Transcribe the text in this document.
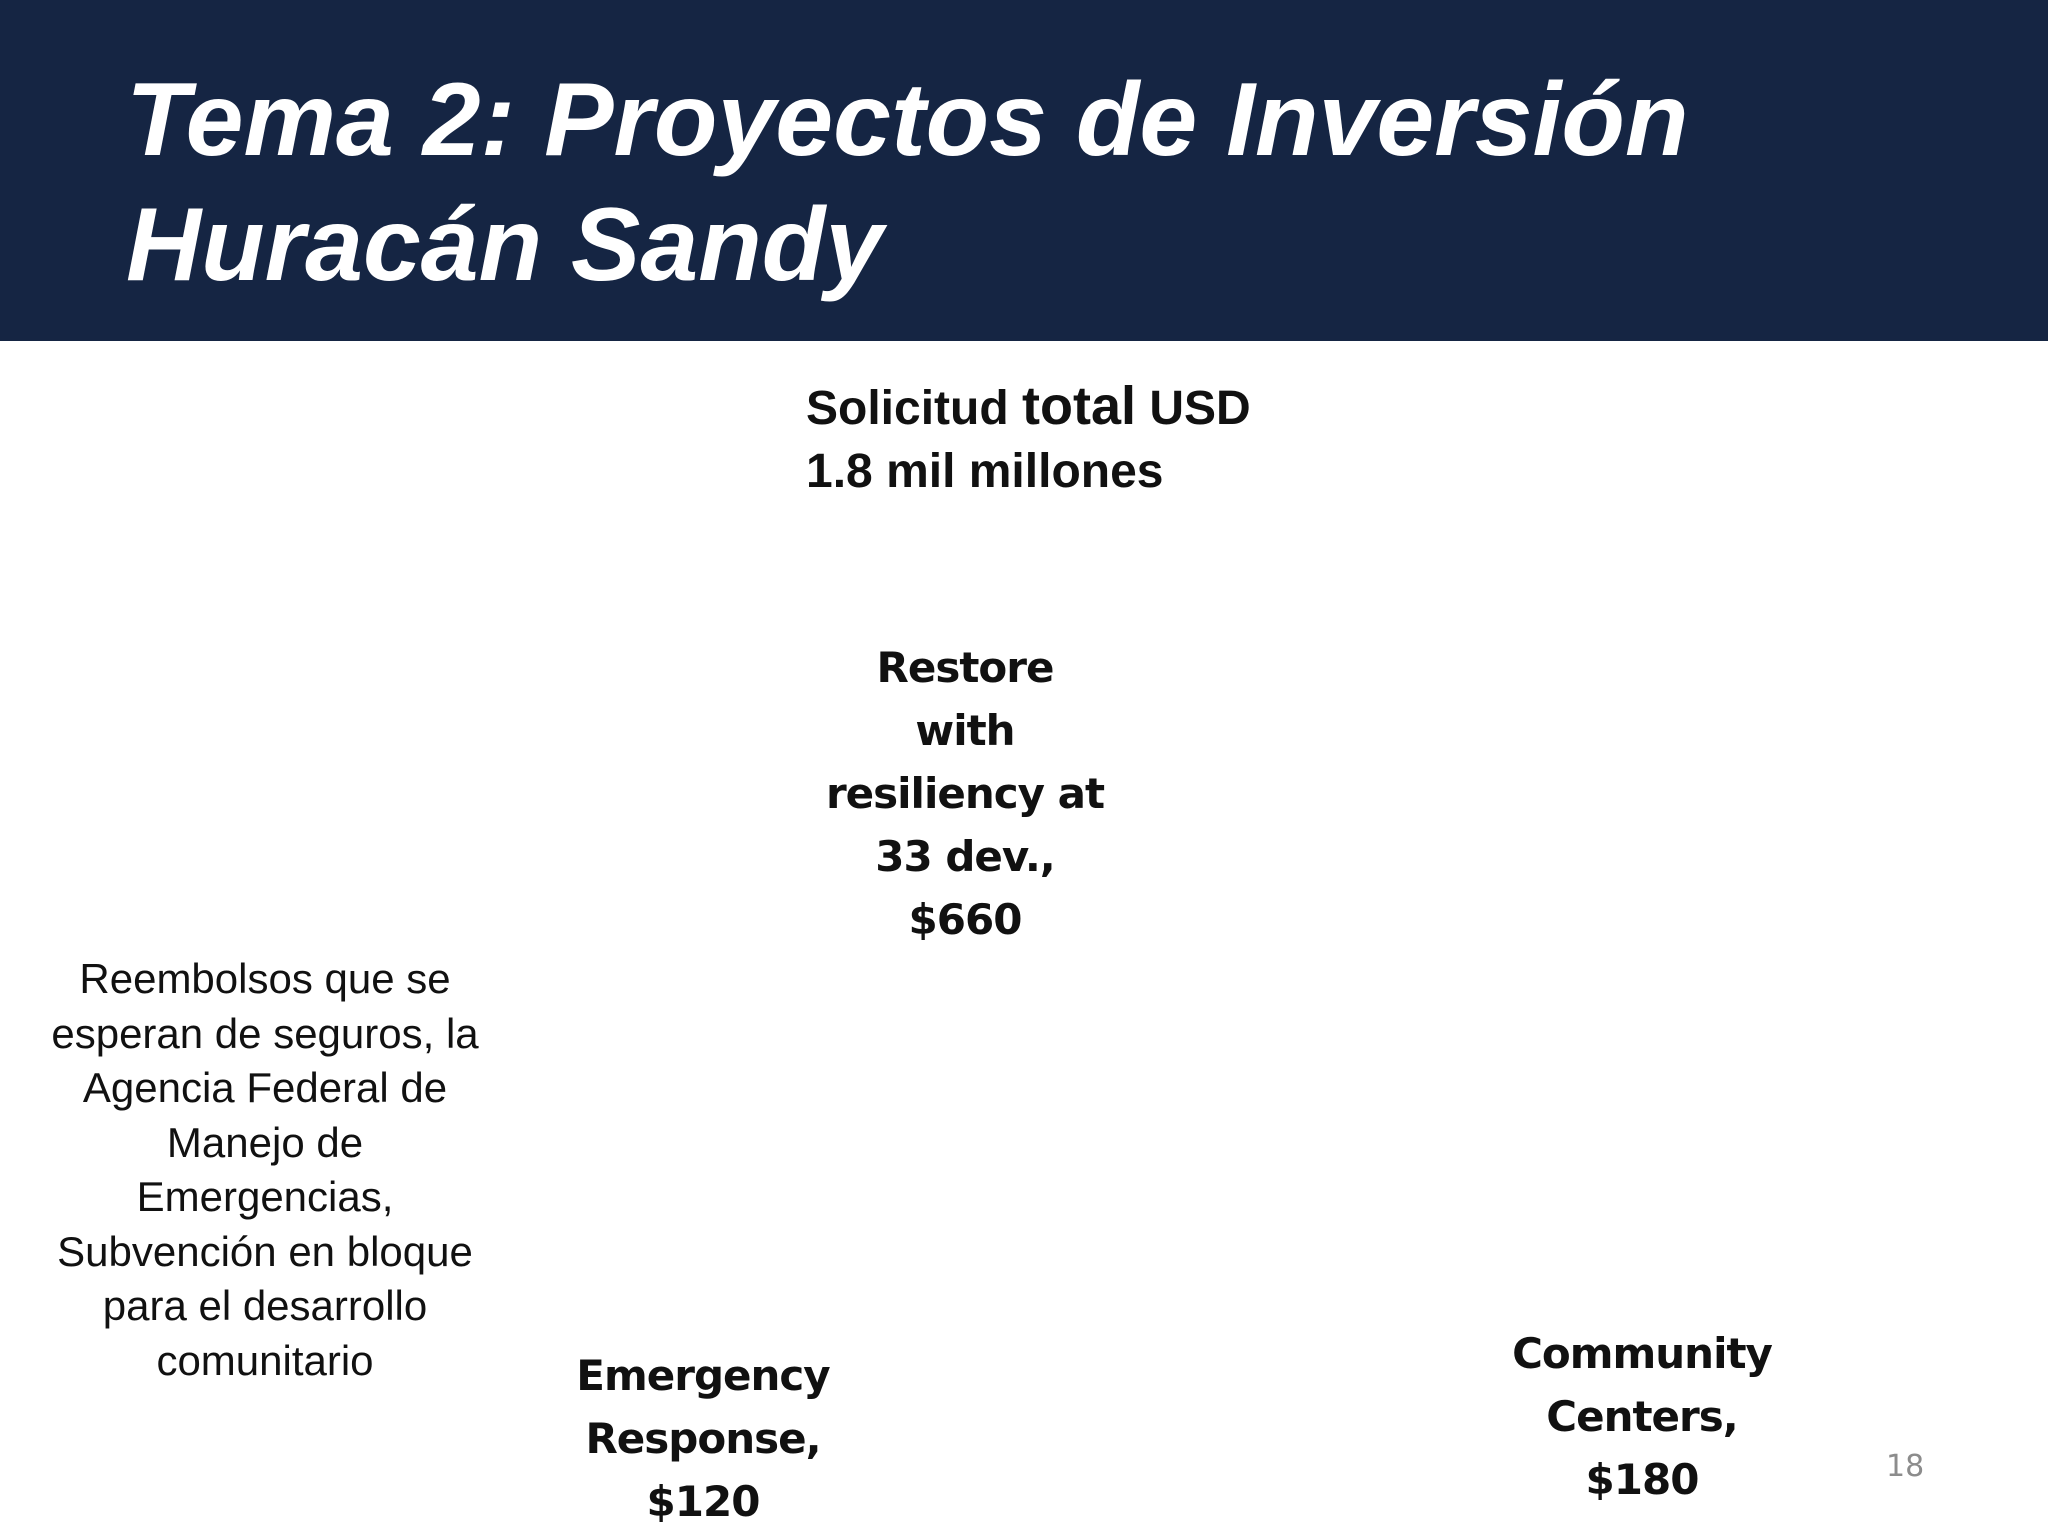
Tema 2: Proyectos de Inversión
Huracán Sandy
Solicitud total USD
1.8 mil millones
Restore
with
resiliency at
33 dev.,
$660
Reembolsos que se
esperan de seguros, la
Agencia Federal de
Manejo de
Emergencias,
Subvención en bloque
para el desarrollo
comunitario	Emergency
Response,
$120
Community
Centers,
$180	18
